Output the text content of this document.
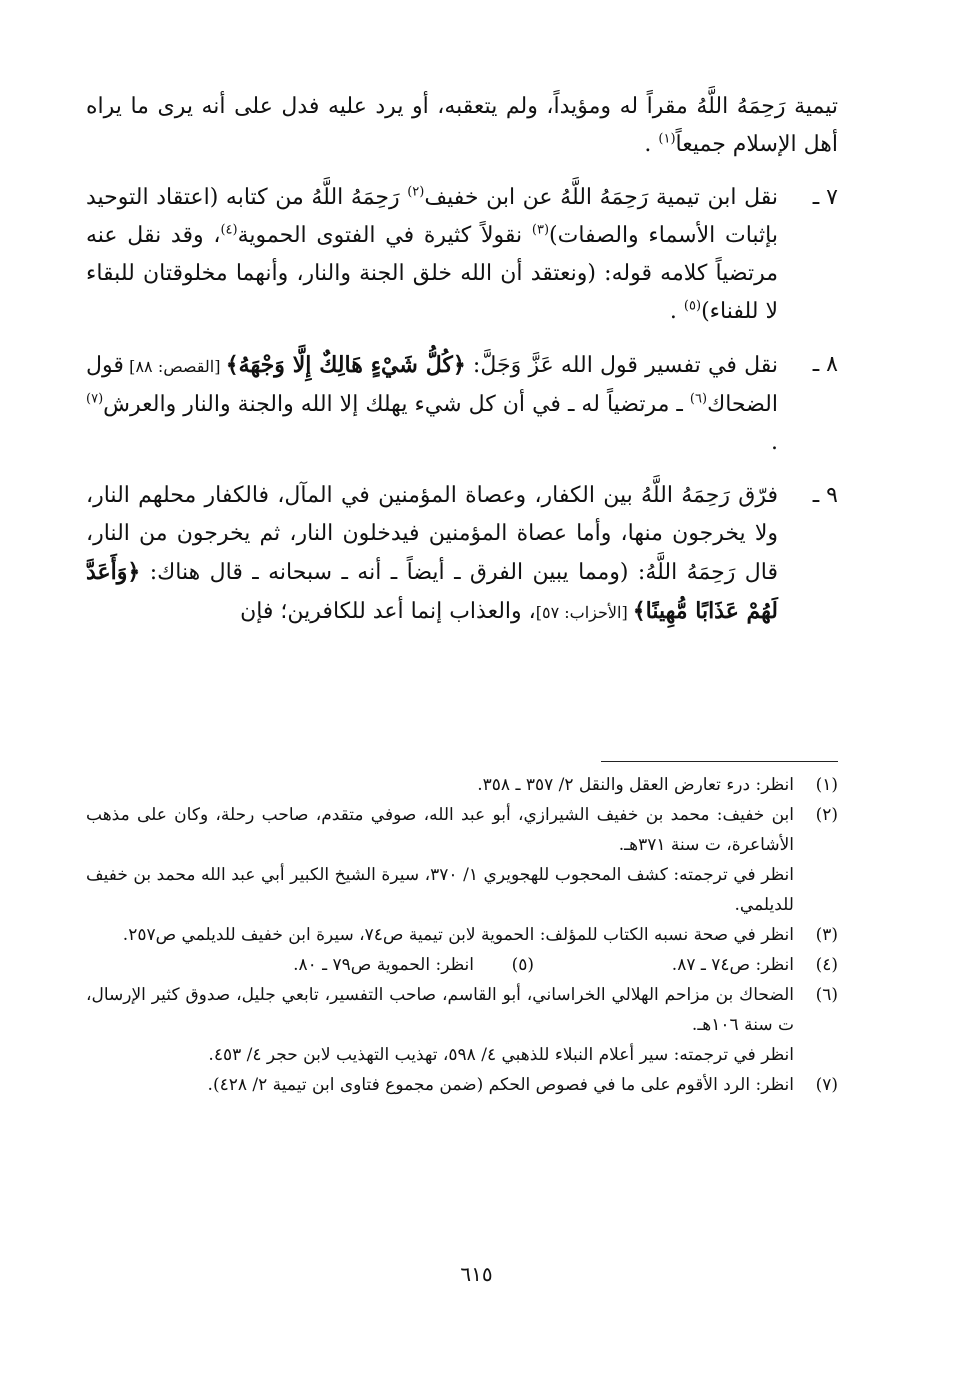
تيمية رَحِمَهُ اللَّهُ مقراً له ومؤيداً، ولم يتعقبه، أو يرد عليه فدل على أنه يرى ما يراه أهل الإسلام جميعاً$^{(١)}$ .

٧ ـ
نقل ابن تيمية رَحِمَهُ اللَّهُ عن ابن خفيف$^{(٢)}$ رَحِمَهُ اللَّهُ من كتابه (اعتقاد التوحيد بإثبات الأسماء والصفات)$^{(٣)}$ نقولاً كثيرة في الفتوى الحموية$^{(٤)}$، وقد نقل عنه مرتضياً كلامه قوله: (ونعتقد أن الله خلق الجنة والنار، وأنهما مخلوقتان للبقاء لا للفناء)$^{(٥)}$ .
٨ ـ
نقل في تفسير قول الله عَزَّ وَجَلَّ: ﴿كُلُّ شَيْءٍ هَالِكٌ إِلَّا وَجْهَهُ﴾ [القصص: ٨٨] قول الضحاك$^{(٦)}$ ـ مرتضياً له ـ في أن كل شيء يهلك إلا الله والجنة والنار والعرش$^{(٧)}$ .
٩ ـ
فرّق رَحِمَهُ اللَّهُ بين الكفار، وعصاة المؤمنين في المآل، فالكفار محلهم النار، ولا يخرجون منها، وأما عصاة المؤمنين فيدخلون النار، ثم يخرجون من النار، قال رَحِمَهُ اللَّهُ: (ومما يبين الفرق ـ أيضاً ـ أنه ـ سبحانه ـ قال هناك: ﴿وَأَعَدَّ لَهُمْ عَذَابًا مُّهِينًا﴾ [الأحزاب: ٥٧]، والعذاب إنما أعد للكافرين؛ فإن
(١)
انظر: درء تعارض العقل والنقل ٢/ ٣٥٧ ـ ٣٥٨.
(٢)

ابن خفيف: محمد بن خفيف الشيرازي، أبو عبد الله، صوفي متقدم، صاحب رحلة، وكان على مذهب الأشاعرة، ت سنة ٣٧١هـ.

انظر في ترجمته: كشف المحجوب للهجويري ١/ ٣٧٠، سيرة الشيخ الكبير أبي عبد الله محمد بن خفيف للديلمي.

(٣)
انظر في صحة نسبه الكتاب للمؤلف: الحموية لابن تيمية ص٧٤، سيرة ابن خفيف للديلمي ص٢٥٧.
(٤)
انظر: ص٧٤ ـ ٨٧.
(٥)
انظر: الحموية ص٧٩ ـ ٨٠.
(٦)

الضحاك بن مزاحم الهلالي الخراساني، أبو القاسم، صاحب التفسير، تابعي جليل، صدوق كثير الإرسال، ت سنة ١٠٦هـ.

انظر في ترجمته: سير أعلام النبلاء للذهبي ٤/ ٥٩٨، تهذيب التهذيب لابن حجر ٤/ ٤٥٣.

(٧)
انظر: الرد الأقوم على ما في فصوص الحكم (ضمن مجموع فتاوى ابن تيمية ٢/ ٤٢٨).
٦١٥
